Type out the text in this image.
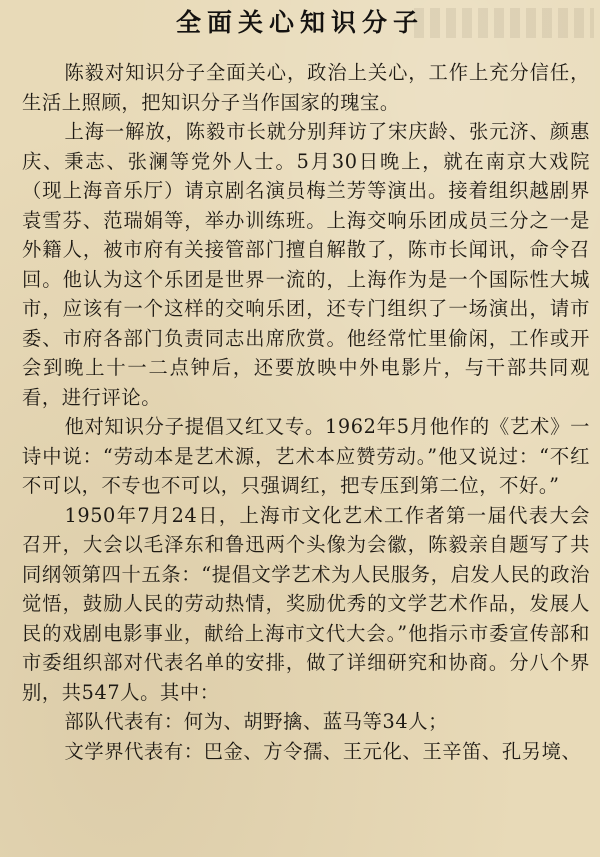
全面关心知识分子

陈毅对知识分子全面关心，政治上关心，工作上充分信任，生活上照顾，把知识分子当作国家的瑰宝。

上海一解放，陈毅市长就分别拜访了宋庆龄、张元济、颜惠庆、秉志、张澜等党外人士。5月30日晚上，就在南京大戏院（现上海音乐厅）请京剧名演员梅兰芳等演出。接着组织越剧界袁雪芬、范瑞娟等，举办训练班。上海交响乐团成员三分之一是外籍人，被市府有关接管部门擅自解散了，陈市长闻讯，命令召回。他认为这个乐团是世界一流的，上海作为是一个国际性大城市，应该有一个这样的交响乐团，还专门组织了一场演出，请市委、市府各部门负责同志出席欣赏。他经常忙里偷闲，工作或开会到晚上十一二点钟后，还要放映中外电影片，与干部共同观看，进行评论。

他对知识分子提倡又红又专。1962年5月他作的《艺术》一诗中说：“劳动本是艺术源，艺术本应赞劳动。”他又说过：“不红不可以，不专也不可以，只强调红，把专压到第二位，不好。”

1950年7月24日，上海市文化艺术工作者第一届代表大会召开，大会以毛泽东和鲁迅两个头像为会徽，陈毅亲自题写了共同纲领第四十五条：“提倡文学艺术为人民服务，启发人民的政治觉悟，鼓励人民的劳动热情，奖励优秀的文学艺术作品，发展人民的戏剧电影事业，献给上海市文代大会。”他指示市委宣传部和市委组织部对代表名单的安排，做了详细研究和协商。分八个界别，共547人。其中：

部队代表有：何为、胡野擒、蓝马等34人；

文学界代表有：巴金、方令孺、王元化、王辛笛、孔另境、
